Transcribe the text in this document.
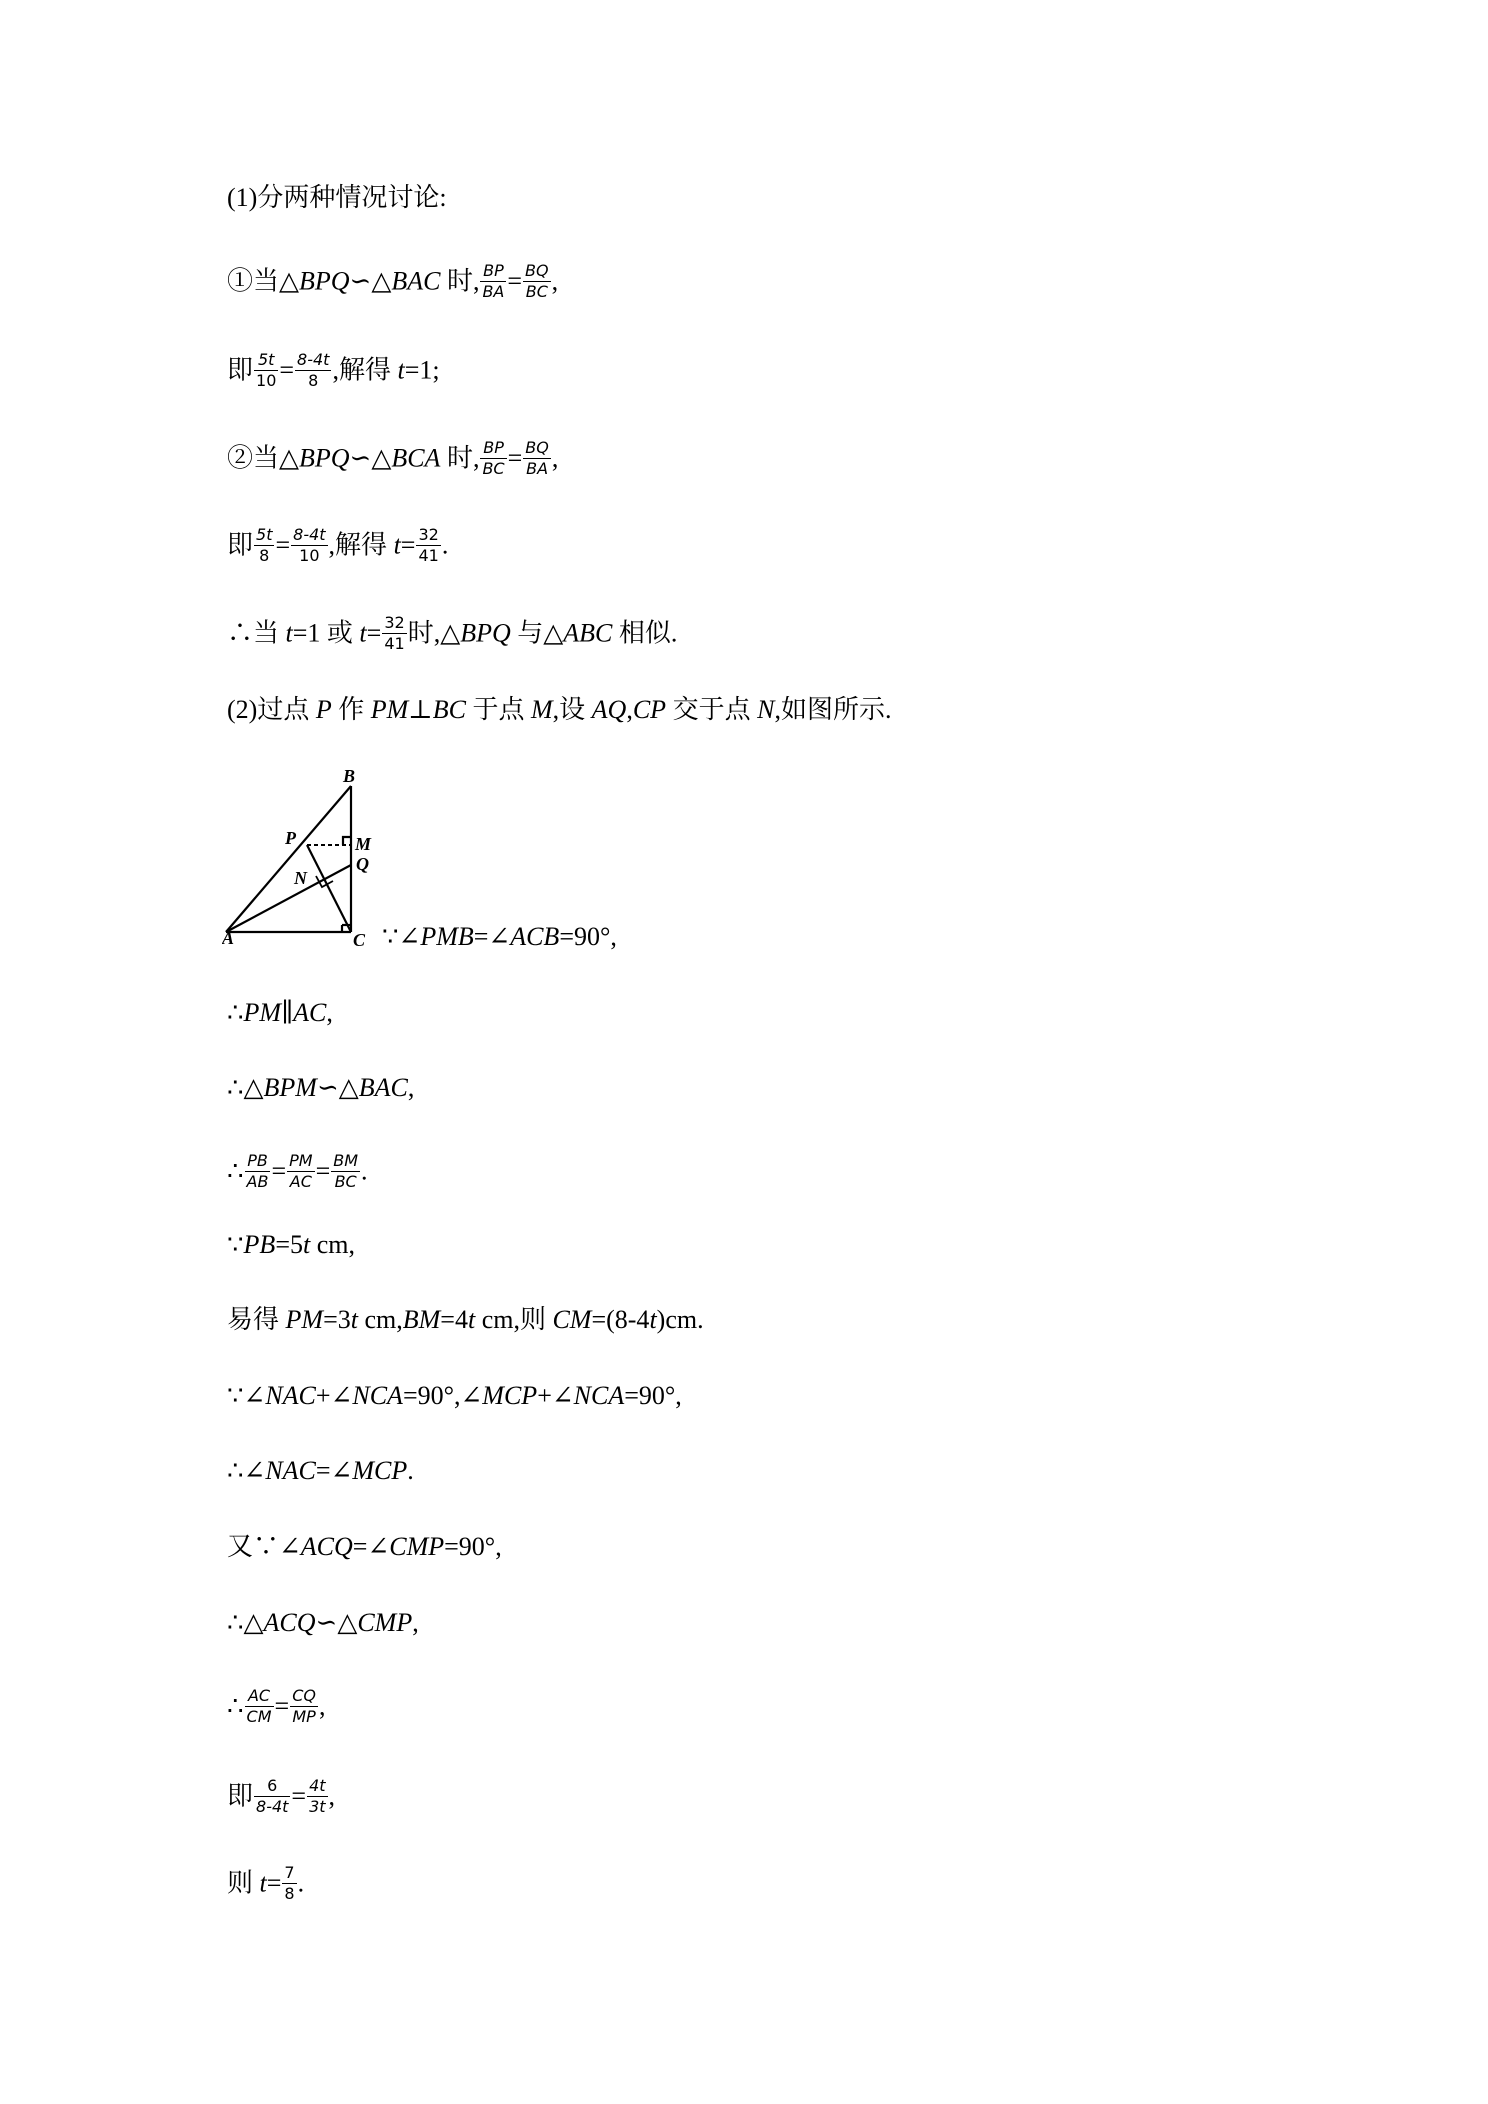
(1)分两种情况讨论:
①当△BPQ∽△BAC 时, $\frac{BP}{BA} = \frac{BQ}{BC}$ ,
即 $\frac{5t}{10} = \frac{8-4t}{8}$ ,解得 t=1;
②当△BPQ∽△BCA 时, $\frac{BP}{BC} = \frac{BQ}{BA}$ ,
即 $\frac{5t}{8} = \frac{8-4t}{10}$ ,解得 $t= \frac{32}{41}$ .
∴当 t=1 或 $t= \frac{32}{41}$ 时,△BPQ 与△ABC 相似.
(2)过点 P 作 PM⊥BC 于点 M,设 AQ,CP 交于点 N,如图所示.
B
P	M
Q
N
A	C ∵∠PMB=∠ACB=90°,
∴PM∥AC,
∴△BPM∽△BAC,
∴ $\frac{PB}{AB} = \frac{PM}{AC} = \frac{BM}{BC}$ .
∵PB=5t cm,
易得 PM=3t cm,BM=4t cm,则 CM=(8-4t)cm.
∵∠NAC+∠NCA=90°,∠MCP+∠NCA=90°,
∴∠NAC=∠MCP.
又∵∠ACQ=∠CMP=90°,
∴△ACQ∽△CMP,
∴ $\frac{AC}{CM} = \frac{CQ}{MP}$ ,
即 $\frac{6}{8-4t} = \frac{4t}{3t}$ ,
则 $t= \frac{7}{8}$ .
